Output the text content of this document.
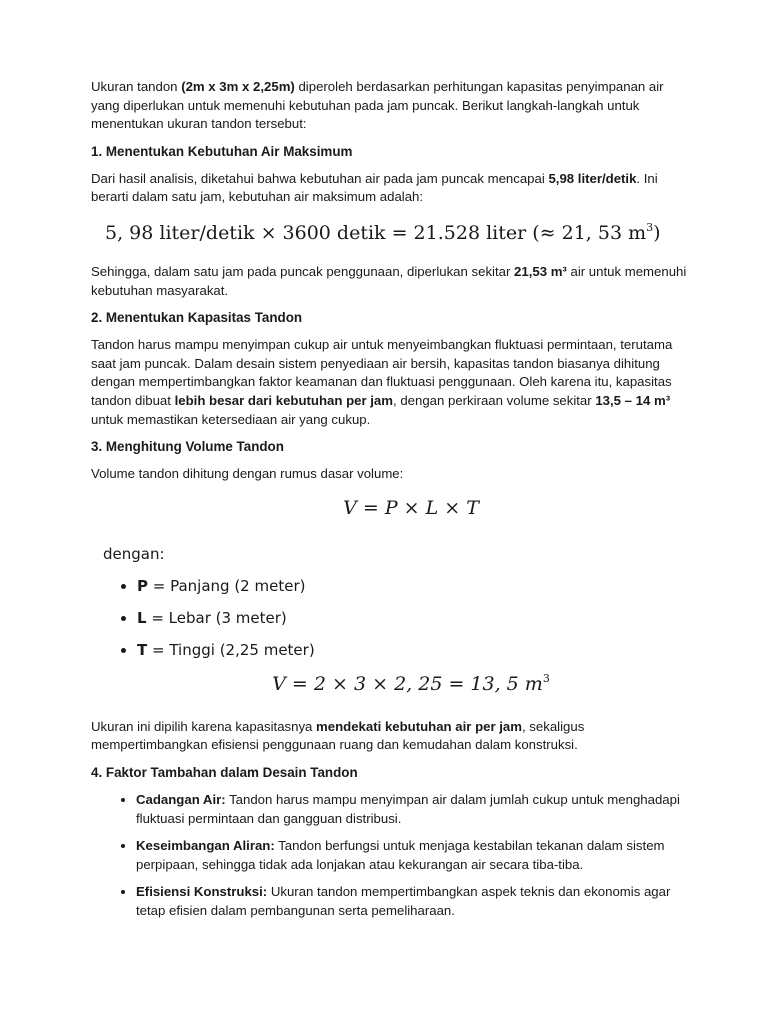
Ukuran tandon (2m x 3m x 2,25m) diperoleh berdasarkan perhitungan kapasitas penyimpanan air yang diperlukan untuk memenuhi kebutuhan pada jam puncak. Berikut langkah-langkah untuk menentukan ukuran tandon tersebut:

1. Menentukan Kebutuhan Air Maksimum

Dari hasil analisis, diketahui bahwa kebutuhan air pada jam puncak mencapai 5,98 liter/detik. Ini berarti dalam satu jam, kebutuhan air maksimum adalah:

5, 98 liter/detik × 3600 detik = 21.528 liter (≈ 21, 53 $m^3$)

Sehingga, dalam satu jam pada puncak penggunaan, diperlukan sekitar 21,53 m³ air untuk memenuhi kebutuhan masyarakat.

2. Menentukan Kapasitas Tandon

Tandon harus mampu menyimpan cukup air untuk menyeimbangkan fluktuasi permintaan, terutama saat jam puncak. Dalam desain sistem penyediaan air bersih, kapasitas tandon biasanya dihitung dengan mempertimbangkan faktor keamanan dan fluktuasi penggunaan. Oleh karena itu, kapasitas tandon dibuat lebih besar dari kebutuhan per jam, dengan perkiraan volume sekitar 13,5 – 14 m³ untuk memastikan ketersediaan air yang cukup.

3. Menghitung Volume Tandon

Volume tandon dihitung dengan rumus dasar volume:

V = P × L × T
dengan:
• P = Panjang (2 meter)
• L = Lebar (3 meter)
• T = Tinggi (2,25 meter)
V = 2 × 3 × 2, 25 = 13, 5 $m^3$

Ukuran ini dipilih karena kapasitasnya mendekati kebutuhan air per jam, sekaligus mempertimbangkan efisiensi penggunaan ruang dan kemudahan dalam konstruksi.

4. Faktor Tambahan dalam Desain Tandon
• Cadangan Air: Tandon harus mampu menyimpan air dalam jumlah cukup untuk menghadapi fluktuasi permintaan dan gangguan distribusi.
• Keseimbangan Aliran: Tandon berfungsi untuk menjaga kestabilan tekanan dalam sistem perpipaan, sehingga tidak ada lonjakan atau kekurangan air secara tiba-tiba.
• Efisiensi Konstruksi: Ukuran tandon mempertimbangkan aspek teknis dan ekonomis agar tetap efisien dalam pembangunan serta pemeliharaan.
